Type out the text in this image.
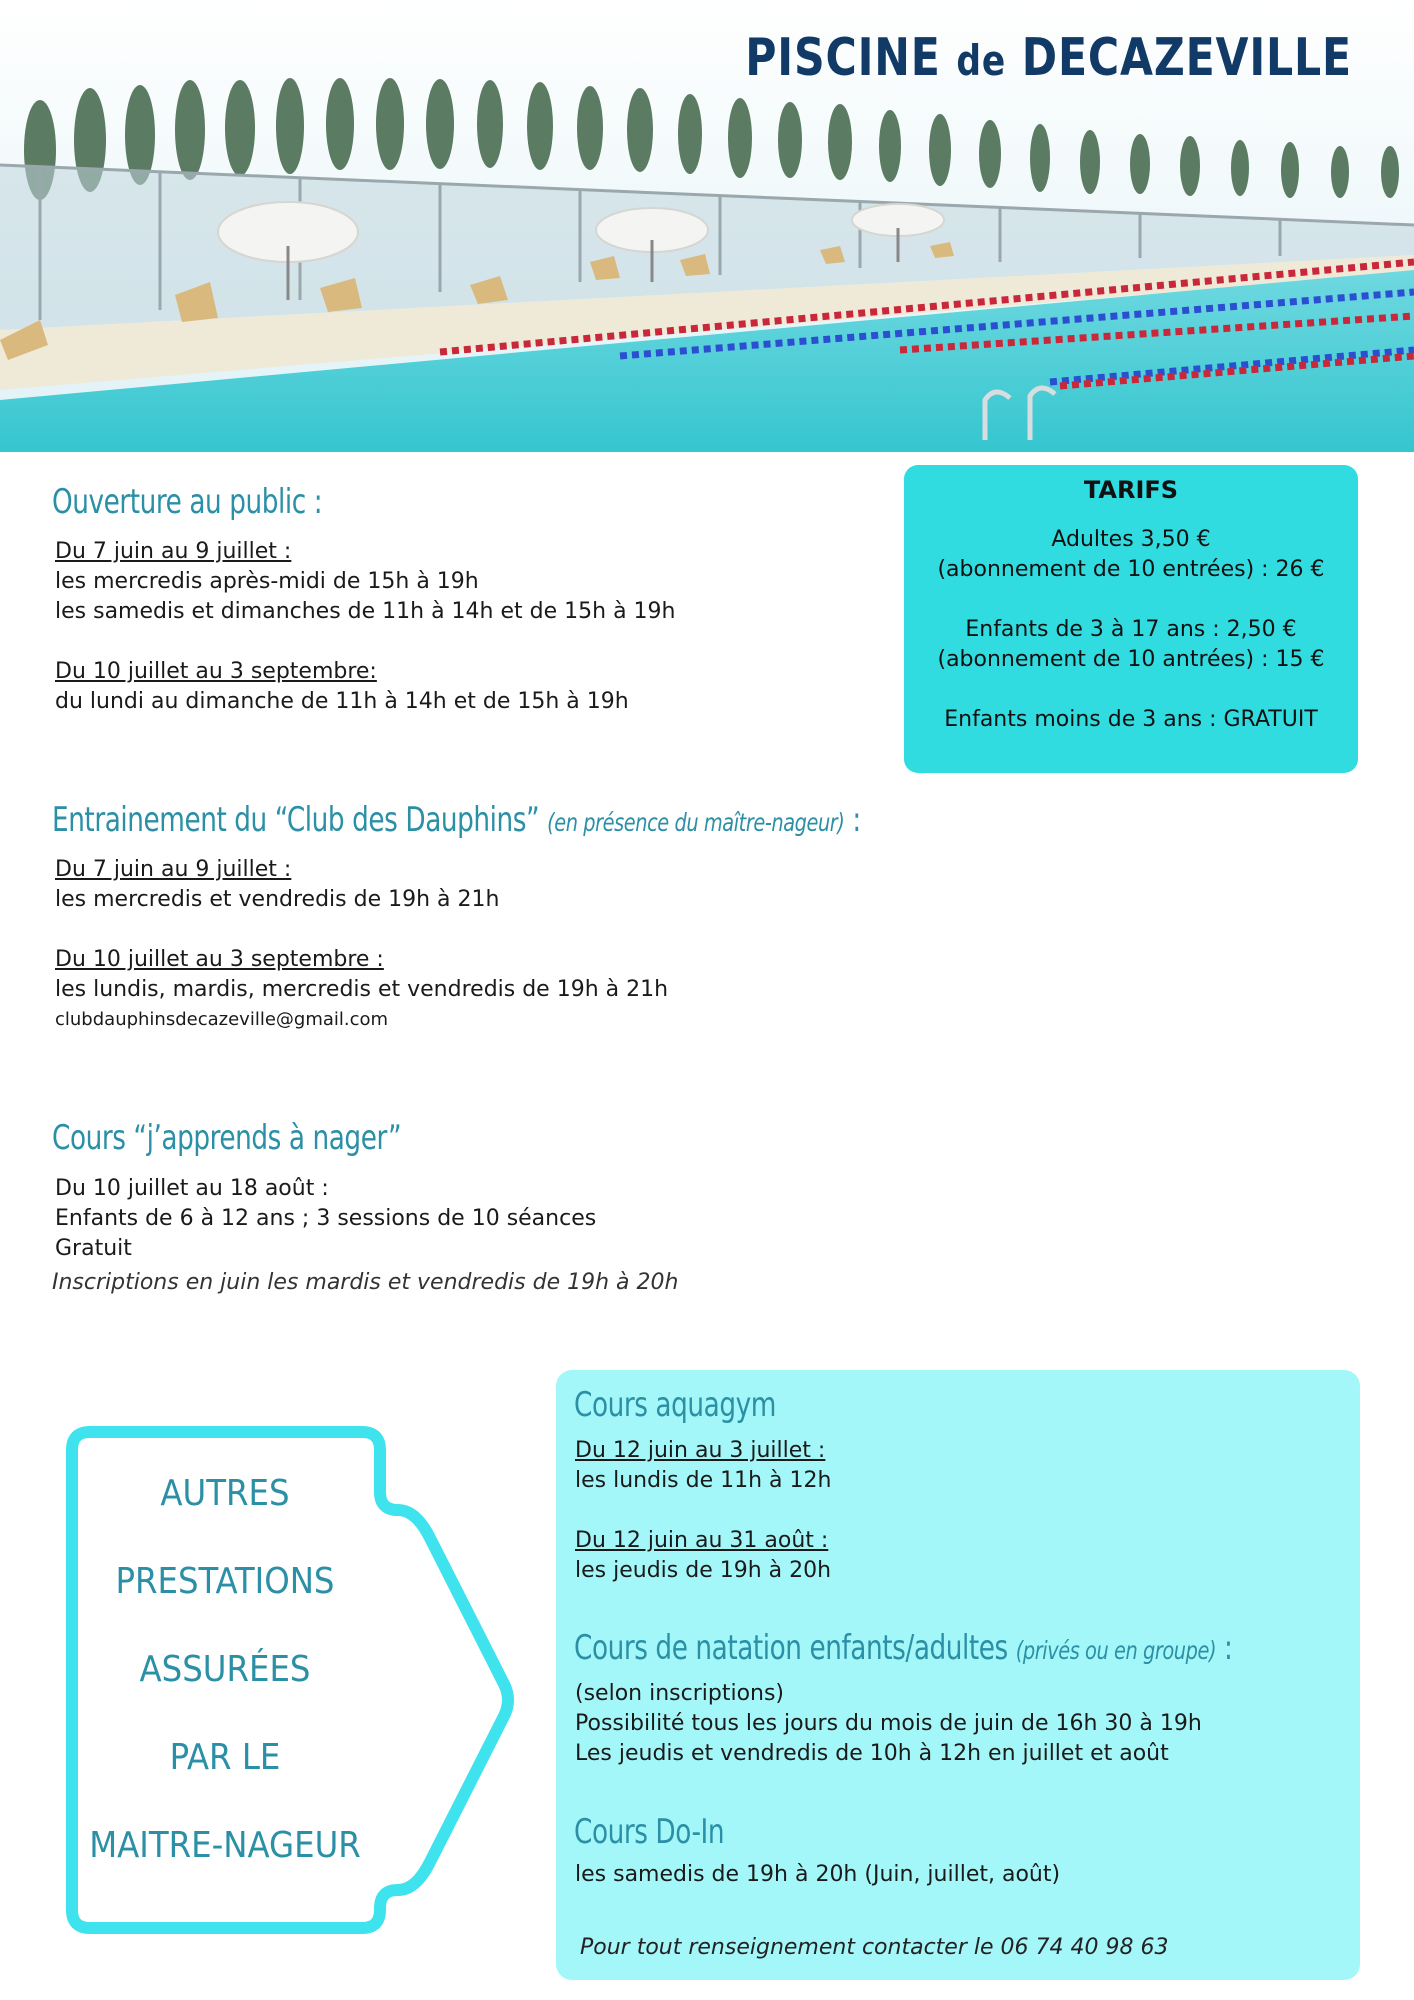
PISCINE de DECAZEVILLE
Ouverture au public :
Du 7 juin au 9 juillet :
les mercredis après-midi de 15h à 19h
les samedis et dimanches de 11h à 14h et de 15h à 19h
Du 10 juillet au 3 septembre:
du lundi au dimanche de 11h à 14h et de 15h à 19h
TARIFS
Adultes 3,50 €
(abonnement de 10 entrées) : 26 €
Enfants de 3 à 17 ans : 2,50 €
(abonnement de 10 antrées) : 15 €
Enfants moins de 3 ans : GRATUIT
Entrainement du “Club des Dauphins” (en présence du maître-nageur) :
Du 7 juin au 9 juillet :
les mercredis et vendredis de 19h à 21h
Du 10 juillet au 3 septembre :
les lundis, mardis, mercredis et vendredis de 19h à 21h
clubdauphinsdecazeville@gmail.com
Cours “j’apprends à nager”
Du 10 juillet au 18 août :
Enfants de 6 à 12 ans ; 3 sessions de 10 séances
Gratuit
Inscriptions en juin les mardis et vendredis de 19h à 20h
AUTRES
PRESTATIONS
ASSURÉES
PAR LE
MAITRE-NAGEUR
Cours aquagym
Du 12 juin au 3 juillet :
les lundis de 11h à 12h
Du 12 juin au 31 août :
les jeudis de 19h à 20h
Cours de natation enfants/adultes (privés ou en groupe) :
(selon inscriptions)
Possibilité tous les jours du mois de juin de 16h 30 à 19h
Les jeudis et vendredis de 10h à 12h en juillet et août
Cours Do-In
les samedis de 19h à 20h (Juin, juillet, août)
Pour tout renseignement contacter le 06 74 40 98 63
